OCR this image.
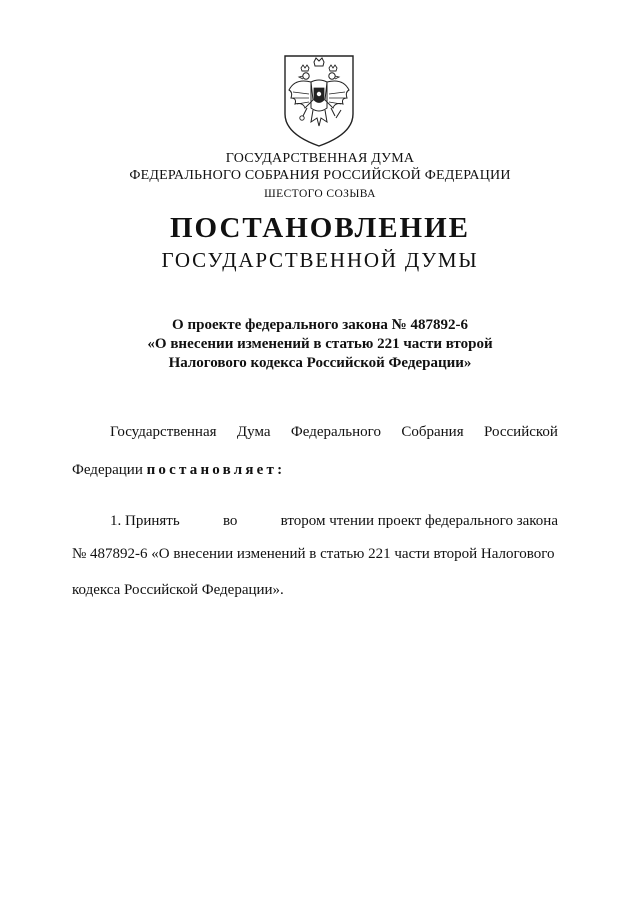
ГОСУДАРСТВЕННАЯ ДУМА
ФЕДЕРАЛЬНОГО СОБРАНИЯ РОССИЙСКОЙ ФЕДЕРАЦИИ
ШЕСТОГО СОЗЫВА
ПОСТАНОВЛЕНИЕ
ГОСУДАРСТВЕННОЙ ДУМЫ
О проекте федерального закона № 487892-6
«О внесении изменений в статью 221 части второй
Налогового кодекса Российской Федерации»
Государственная Дума Федерального Собрания Российской
Федерации постановляет:
1. Принять	во	втором чтении проект федерального закона
№ 487892-6 «О внесении изменений в статью 221 части второй Налогового
кодекса Российской Федерации».
